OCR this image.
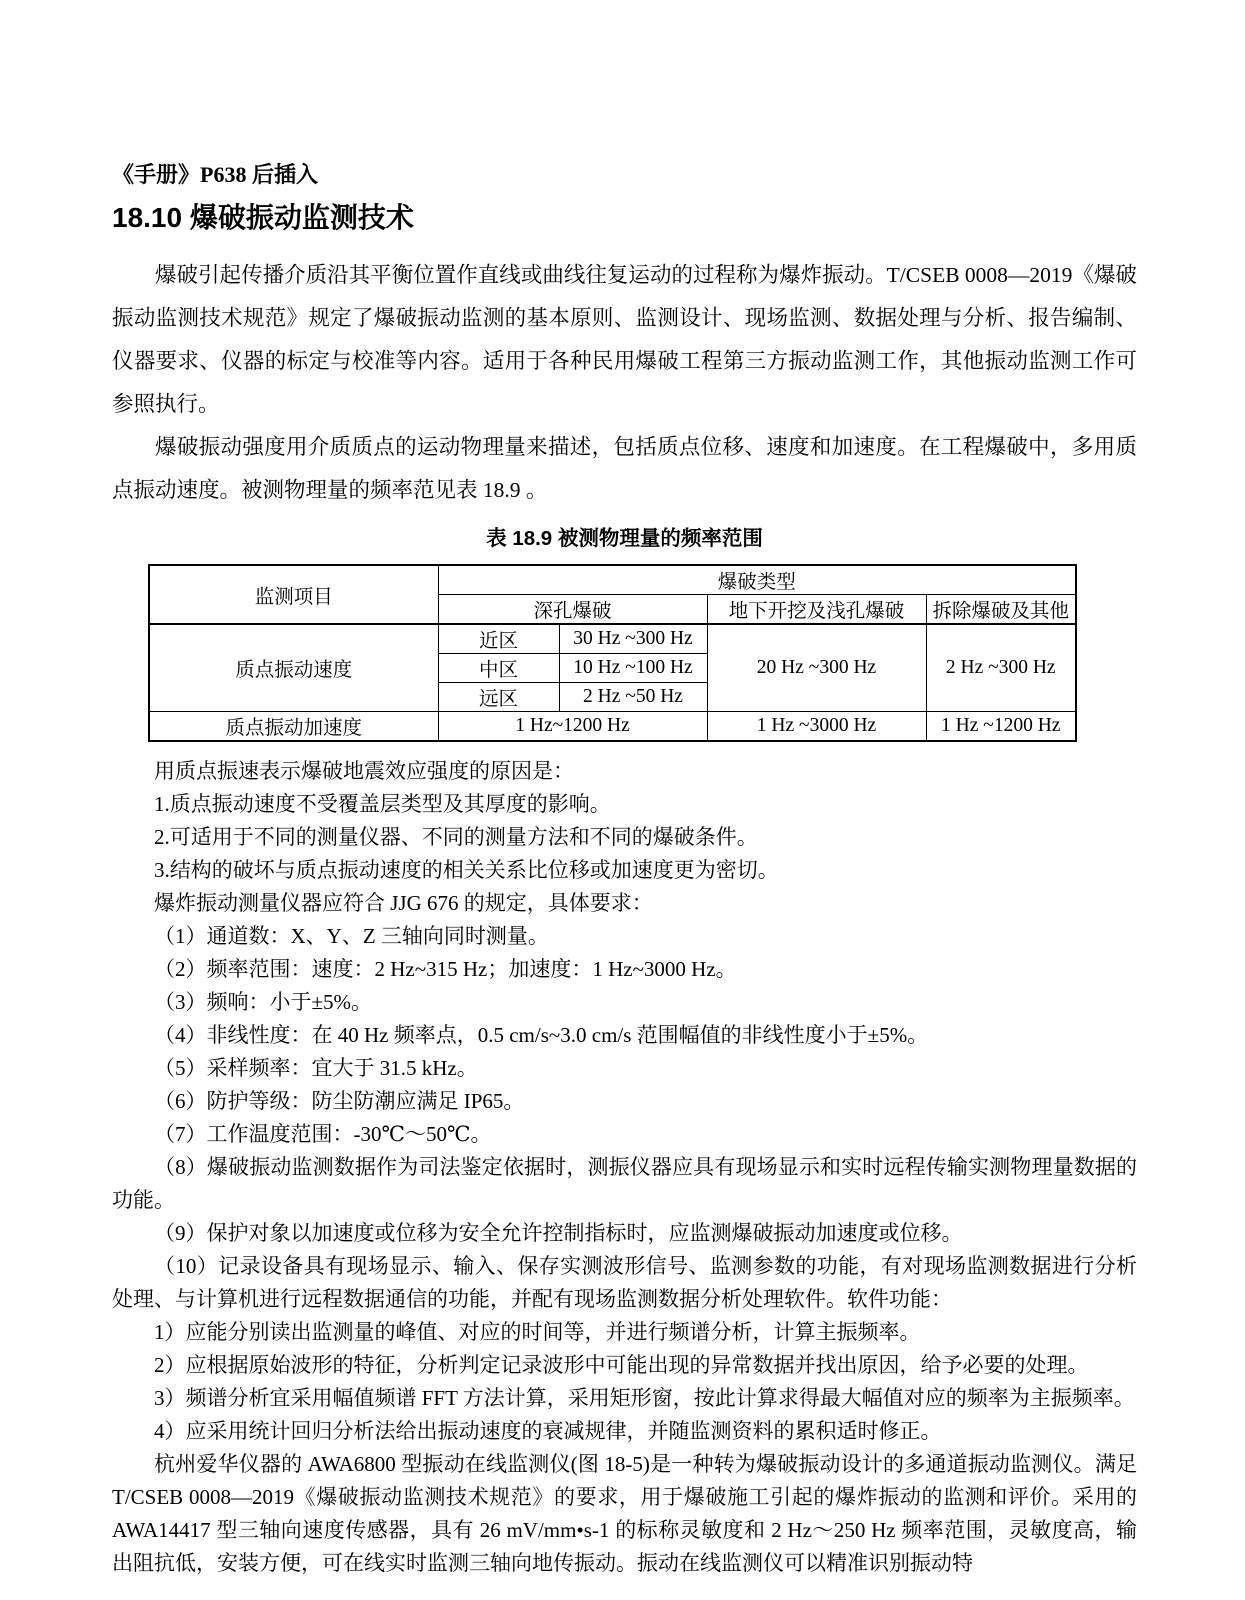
《手册》P638 后插入

18.10 爆破振动监测技术

爆破引起传播介质沿其平衡位置作直线或曲线往复运动的过程称为爆炸振动。T/CSEB 0008—2019《爆破振动监测技术规范》规定了爆破振动监测的基本原则、监测设计、现场监测、数据处理与分析、报告编制、仪器要求、仪器的标定与校准等内容。适用于各种民用爆破工程第三方振动监测工作，其他振动监测工作可参照执行。

爆破振动强度用介质质点的运动物理量来描述，包括质点位移、速度和加速度。在工程爆破中，多用质点振动速度。被测物理量的频率范见表 18.9 。

表 18.9 被测物理量的频率范围

监测项目	爆破类型			
	深孔爆破		地下开挖及浅孔爆破	拆除爆破及其他
质点振动速度	近区	30 Hz ~300 Hz	20 Hz ~300 Hz	2 Hz ~300 Hz
	中区	10 Hz ~100 Hz		
	远区	2 Hz ~50 Hz		
质点振动加速度	1 Hz~1200 Hz		1 Hz ~3000 Hz	1 Hz ~1200 Hz

用质点振速表示爆破地震效应强度的原因是：

1.质点振动速度不受覆盖层类型及其厚度的影响。

2.可适用于不同的测量仪器、不同的测量方法和不同的爆破条件。

3.结构的破坏与质点振动速度的相关关系比位移或加速度更为密切。

爆炸振动测量仪器应符合 JJG 676 的规定，具体要求：

（1）通道数：X、Y、Z 三轴向同时测量。

（2）频率范围：速度：2 Hz~315 Hz；加速度：1 Hz~3000 Hz。

（3）频响：小于±5%。

（4）非线性度：在 40 Hz 频率点，0.5 cm/s~3.0 cm/s 范围幅值的非线性度小于±5%。

（5）采样频率：宜大于 31.5 kHz。

（6）防护等级：防尘防潮应满足 IP65。

（7）工作温度范围：-30℃～50℃。

（8）爆破振动监测数据作为司法鉴定依据时，测振仪器应具有现场显示和实时远程传输实测物理量数据的功能。

（9）保护对象以加速度或位移为安全允许控制指标时，应监测爆破振动加速度或位移。

（10）记录设备具有现场显示、输入、保存实测波形信号、监测参数的功能，有对现场监测数据进行分析处理、与计算机进行远程数据通信的功能，并配有现场监测数据分析处理软件。软件功能：

1）应能分别读出监测量的峰值、对应的时间等，并进行频谱分析，计算主振频率。

2）应根据原始波形的特征，分析判定记录波形中可能出现的异常数据并找出原因，给予必要的处理。

3）频谱分析宜采用幅值频谱 FFT 方法计算，采用矩形窗，按此计算求得最大幅值对应的频率为主振频率。

4）应采用统计回归分析法给出振动速度的衰减规律，并随监测资料的累积适时修正。

杭州爱华仪器的 AWA6800 型振动在线监测仪(图 18-5)是一种转为爆破振动设计的多通道振动监测仪。满足 T/CSEB 0008—2019《爆破振动监测技术规范》的要求，用于爆破施工引起的爆炸振动的监测和评价。采用的 AWA14417 型三轴向速度传感器，具有 26 mV/mm•s-1 的标称灵敏度和 2 Hz～250 Hz 频率范围，灵敏度高，输出阻抗低，安装方便，可在线实时监测三轴向地传振动。振动在线监测仪可以精准识别振动特
